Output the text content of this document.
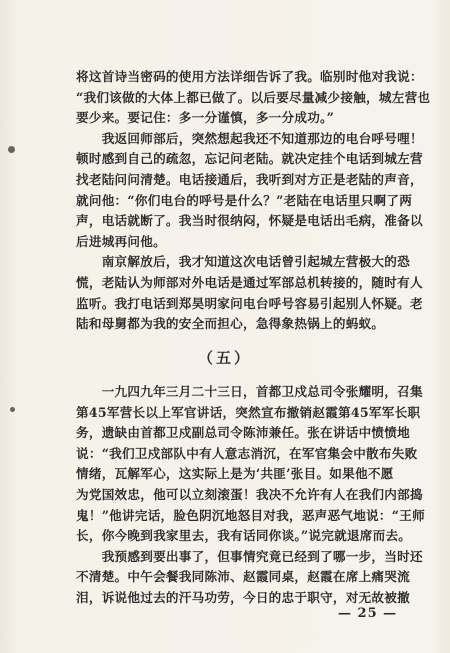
将这首诗当密码的使用方法详细告诉了我。临别时他对我说：
“我们该做的大体上都已做了。以后要尽量减少接触，城左营也
要少来。要记住：多一分谨慎，多一分成功。”
　　我返回师部后，突然想起我还不知道那边的电台呼号哩！
顿时感到自己的疏忽，忘记问老陆。就决定挂个电话到城左营
找老陆问问清楚。电话接通后，我听到对方正是老陆的声音，
就问他：“你们电台的呼号是什么？”老陆在电话里只啊了两
声，电话就断了。我当时很纳闷，怀疑是电话出毛病，准备以
后进城再问他。
　　南京解放后，我才知道这次电话曾引起城左营极大的恐
慌，老陆认为师部对外电话是通过军部总机转接的，随时有人
监听。我打电话到郑昊明家问电台呼号容易引起别人怀疑。老
陆和母舅都为我的安全而担心，急得象热锅上的蚂蚁。
（五）
　　一九四九年三月二十三日，首都卫戍总司令张耀明，召集
第45军营长以上军官讲话，突然宣布撤销赵霞第45军军长职
务，遗缺由首都卫戍副总司令陈沛兼任。张在讲话中愤愤地
说：“我们卫戍部队中有人意志消沉，在军官集会中散布失败
情绪，瓦解军心，这实际上是为‘共匪’张目。如果他不愿
为党国效忠，他可以立刻滚蛋！我决不允许有人在我们内部捣
鬼！”他讲完话，脸色阴沉地怒目对我，恶声恶气地说：“王师
长，你今晚到我家里去，我有话同你谈。”说完就退席而去。
　　我预感到要出事了，但事情究竟已经到了哪一步，当时还
不清楚。中午会餐我同陈沛、赵霞同桌，赵霞在席上痛哭流
泪，诉说他过去的汗马功劳，今日的忠于职守，对无故被撤
— 25 —
